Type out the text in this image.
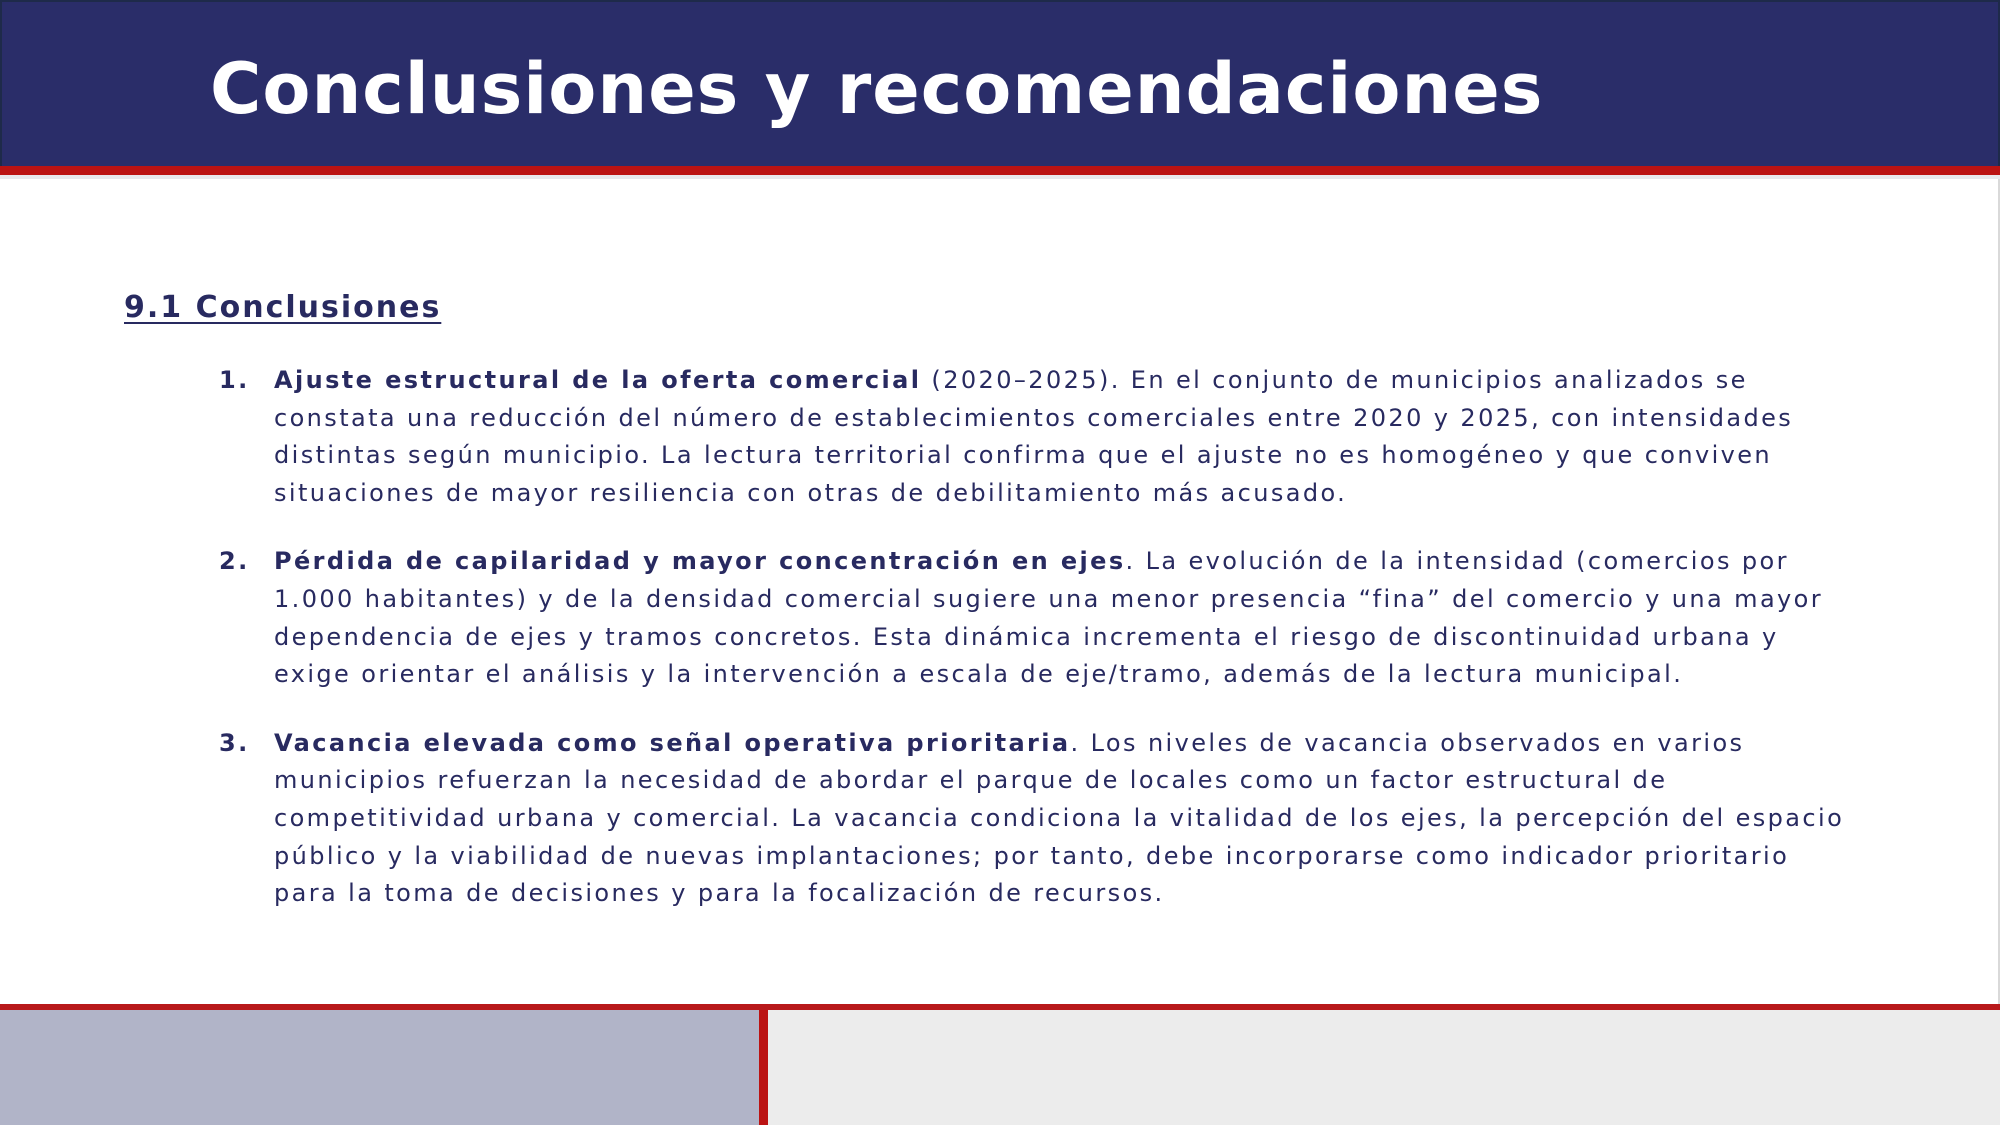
Conclusiones y recomendaciones
9.1 Conclusiones
1.	Ajuste estructural de la oferta comercial (2020–2025). En el conjunto de municipios analizados se constata una reducción del número de establecimientos comerciales entre 2020 y 2025, con intensidades distintas según municipio. La lectura territorial confirma que el ajuste no es homogéneo y que conviven situaciones de mayor resiliencia con otras de debilitamiento más acusado.
2.	Pérdida de capilaridad y mayor concentración en ejes. La evolución de la intensidad (comercios por 1.000 habitantes) y de la densidad comercial sugiere una menor presencia “fina” del comercio y una mayor dependencia de ejes y tramos concretos. Esta dinámica incrementa el riesgo de discontinuidad urbana y exige orientar el análisis y la intervención a escala de eje/tramo, además de la lectura municipal.
3.	Vacancia elevada como señal operativa prioritaria. Los niveles de vacancia observados en varios municipios refuerzan la necesidad de abordar el parque de locales como un factor estructural de competitividad urbana y comercial. La vacancia condiciona la vitalidad de los ejes, la percepción del espacio público y la viabilidad de nuevas implantaciones; por tanto, debe incorporarse como indicador prioritario para la toma de decisiones y para la focalización de recursos.
